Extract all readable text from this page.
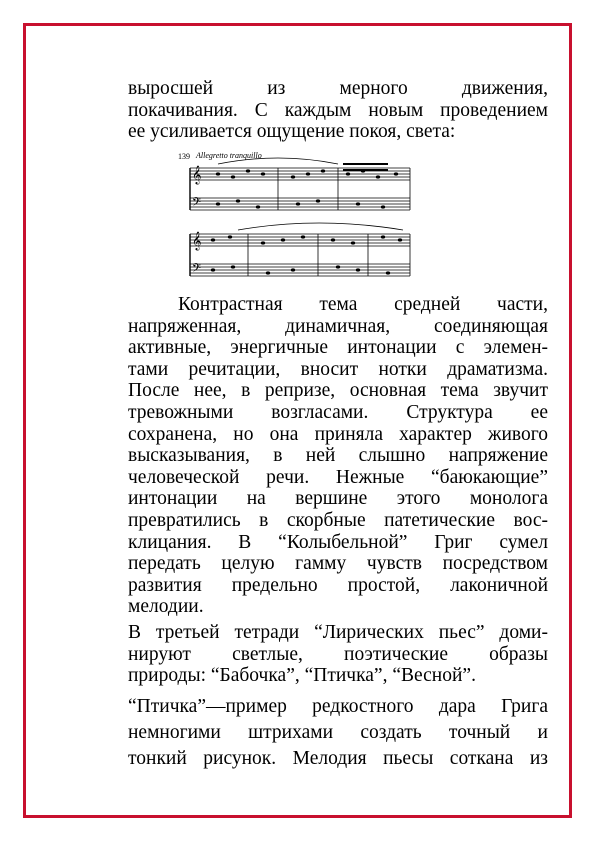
выросшей из мерного движения,
покачивания. С каждым новым проведением
ее усиливается ощущение покоя, света:
139 Allegretto tranquillo
𝄞
𝄢
𝄞
𝄢
Контрастная тема средней части,
напряженная, динамичная, соединяющая
активные, энергичные интонации с элемен-
тами речитации, вносит нотки драматизма.
После нее, в репризе, основная тема звучит
тревожными возгласами. Структура ее
сохранена, но она приняла характер живого
высказывания, в ней слышно напряжение
человеческой речи. Нежные “баюкающие”
интонации на вершине этого монолога
превратились в скорбные патетические вос-
клицания. В “Колыбельной” Григ сумел
передать целую гамму чувств посредством
развития предельно простой, лаконичной
мелодии.
В третьей тетради “Лирических пьес” доми-
нируют светлые, поэтические образы
природы: “Бабочка”, “Птичка”, “Весной”.
“Птичка”—пример редкостного дара Грига
немногими штрихами создать точный и
тонкий рисунок. Мелодия пьесы соткана из
